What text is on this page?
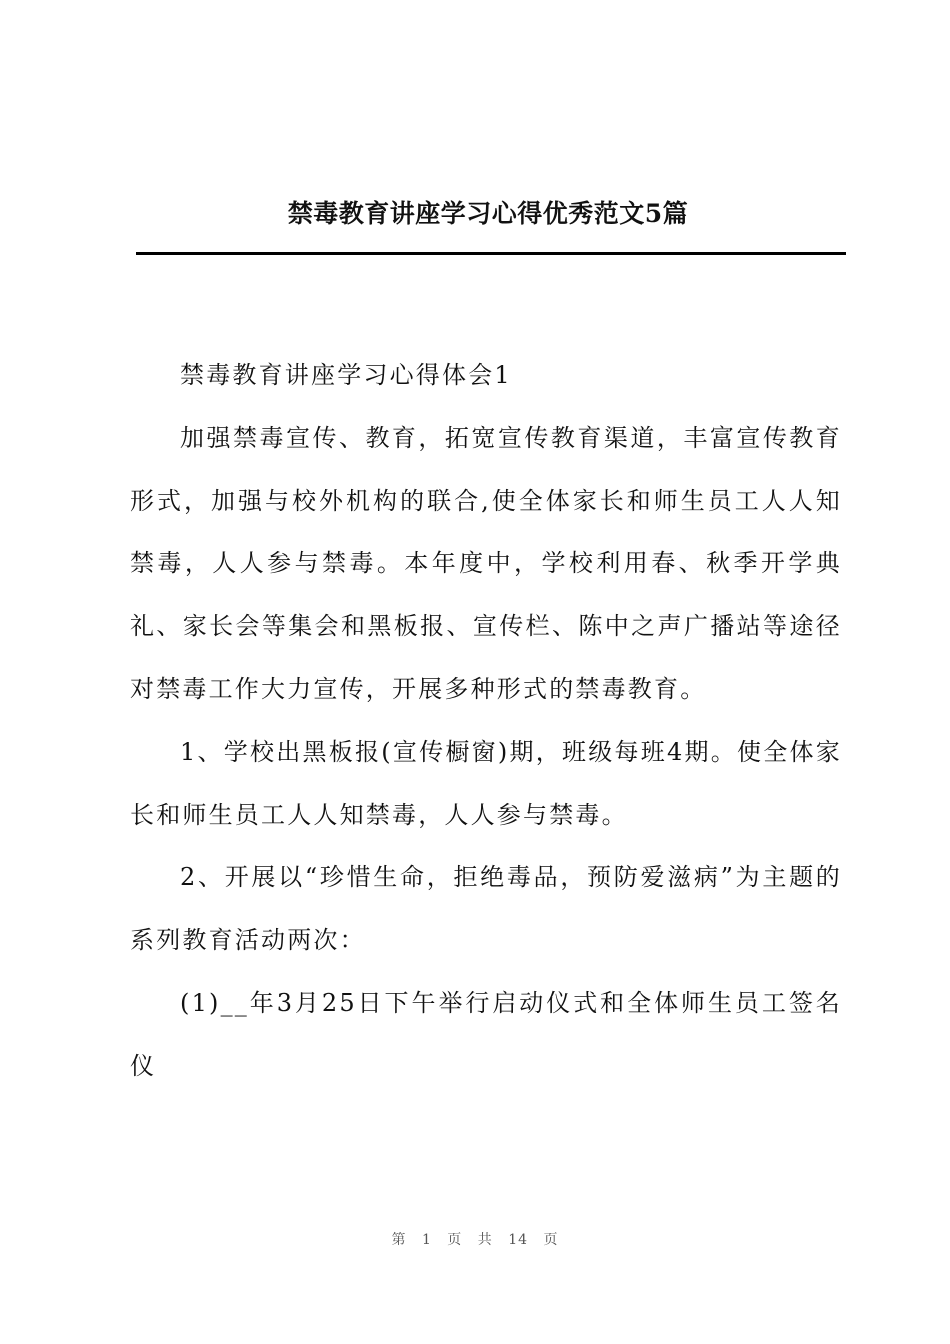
禁毒教育讲座学习心得优秀范文5篇

禁毒教育讲座学习心得体会1

加强禁毒宣传、教育，拓宽宣传教育渠道，丰富宣传教育形式，加强与校外机构的联合,使全体家长和师生员工人人知禁毒，人人参与禁毒。本年度中，学校利用春、秋季开学典礼、家长会等集会和黑板报、宣传栏、陈中之声广播站等途径对禁毒工作大力宣传，开展多种形式的禁毒教育。

1、学校出黑板报(宣传橱窗)期，班级每班4期。使全体家长和师生员工人人知禁毒，人人参与禁毒。

2、开展以“珍惜生命，拒绝毒品，预防爱滋病”为主题的系列教育活动两次：

(1)__年3月25日下午举行启动仪式和全体师生员工签名仪

第 1 页 共 14 页
